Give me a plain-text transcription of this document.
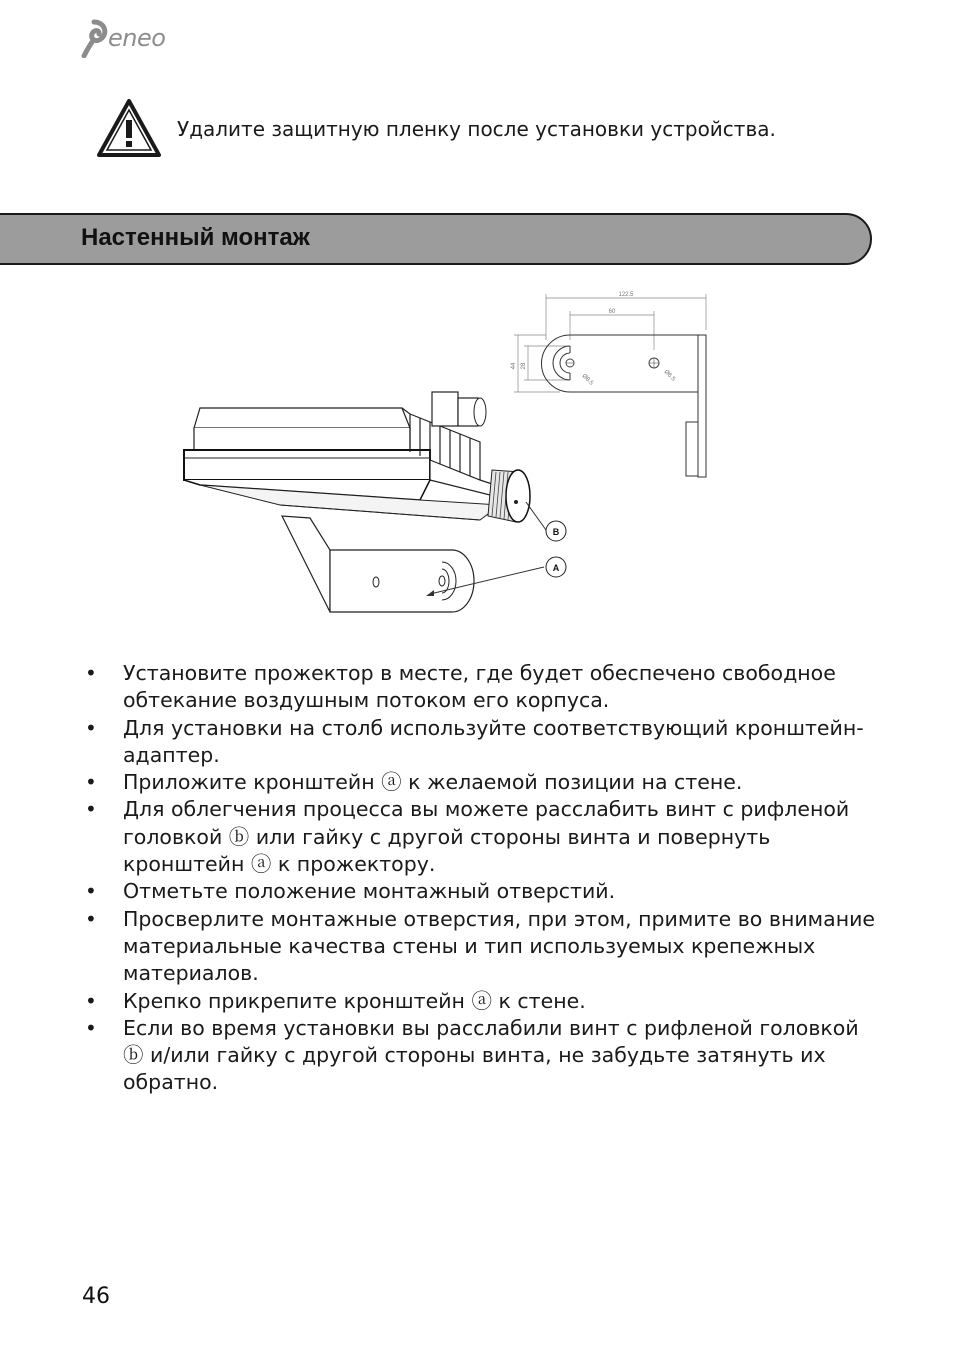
eneo
Удалите защитную пленку после установки устройства.
Настенный монтаж
B
A
122.5
60
44 28
Ø8.5	Ø6.5
• Установите прожектор в месте, где будет обеспечено свободное обтекание воздушным потоком его корпуса.
• Для установки на столб используйте соответствующий кронштейн-адаптер.
• Приложите кронштейн ⓐ к желаемой позиции на стене.
• Для облегчения процесса вы можете расслабить винт с рифленой головкой ⓑ или гайку с другой стороны винта и повернуть кронштейн ⓐ к прожектору.
• Отметьте положение монтажный отверстий.
• Просверлите монтажные отверстия, при этом, примите во внимание материальные качества стены и тип используемых крепежных материалов.
• Крепко прикрепите кронштейн ⓐ к стене.
• Если во время установки вы расслабили винт с рифленой головкой ⓑ и/или гайку с другой стороны винта, не забудьте затянуть их обратно.
46
